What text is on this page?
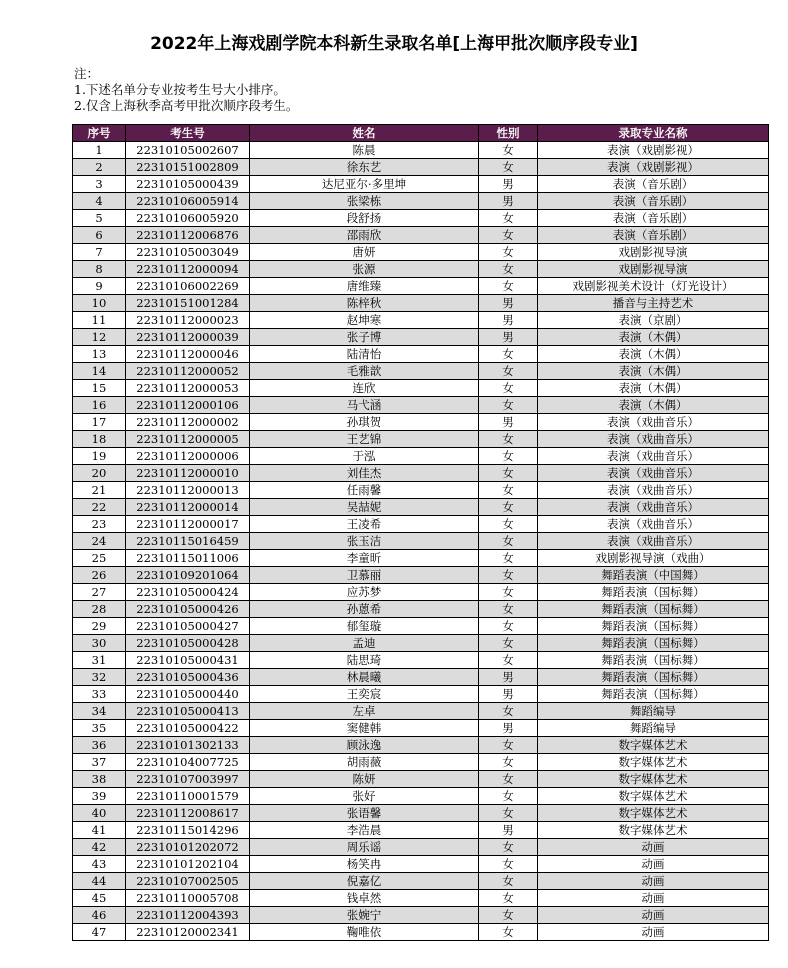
2022年上海戏剧学院本科新生录取名单[上海甲批次顺序段专业]
注：
1.下述名单分专业按考生号大小排序。
2.仅含上海秋季高考甲批次顺序段考生。
序号	考生号	姓名	性别	录取专业名称
1	22310105002607	陈晨	女	表演（戏剧影视）
2	22310151002809	徐东艺	女	表演（戏剧影视）
3	22310105000439	达尼亚尔·多里坤	男	表演（音乐剧）
4	22310106005914	张梁栋	男	表演（音乐剧）
5	22310106005920	段舒扬	女	表演（音乐剧）
6	22310112006876	邵雨欣	女	表演（音乐剧）
7	22310105003049	唐妍	女	戏剧影视导演
8	22310112000094	张源	女	戏剧影视导演
9	22310106002269	唐维臻	女	戏剧影视美术设计（灯光设计）
10	22310151001284	陈梓秋	男	播音与主持艺术
11	22310112000023	赵坤寒	男	表演（京剧）
12	22310112000039	张子博	男	表演（木偶）
13	22310112000046	陆清怡	女	表演（木偶）
14	22310112000052	毛雅歆	女	表演（木偶）
15	22310112000053	连欣	女	表演（木偶）
16	22310112000106	马弋涵	女	表演（木偶）
17	22310112000002	孙琪贺	男	表演（戏曲音乐）
18	22310112000005	王艺锦	女	表演（戏曲音乐）
19	22310112000006	于泓	女	表演（戏曲音乐）
20	22310112000010	刘佳杰	女	表演（戏曲音乐）
21	22310112000013	任雨馨	女	表演（戏曲音乐）
22	22310112000014	吴喆妮	女	表演（戏曲音乐）
23	22310112000017	王凌希	女	表演（戏曲音乐）
24	22310115016459	张玉洁	女	表演（戏曲音乐）
25	22310115011006	李童昕	女	戏剧影视导演（戏曲）
26	22310109201064	卫慕丽	女	舞蹈表演（中国舞）
27	22310105000424	应苏梦	女	舞蹈表演（国标舞）
28	22310105000426	孙蒽希	女	舞蹈表演（国标舞）
29	22310105000427	郁玺璇	女	舞蹈表演（国标舞）
30	22310105000428	孟迪	女	舞蹈表演（国标舞）
31	22310105000431	陆思琦	女	舞蹈表演（国标舞）
32	22310105000436	林晨曦	男	舞蹈表演（国标舞）
33	22310105000440	王奕宸	男	舞蹈表演（国标舞）
34	22310105000413	左卓	女	舞蹈编导
35	22310105000422	窦健韩	男	舞蹈编导
36	22310101302133	顾泳逸	女	数字媒体艺术
37	22310104007725	胡雨薇	女	数字媒体艺术
38	22310107003997	陈妍	女	数字媒体艺术
39	22310110001579	张好	女	数字媒体艺术
40	22310112008617	张语馨	女	数字媒体艺术
41	22310115014296	李浩晨	男	数字媒体艺术
42	22310101202072	周乐谣	女	动画
43	22310101202104	杨笑冉	女	动画
44	22310107002505	倪嘉亿	女	动画
45	22310110005708	钱卓然	女	动画
46	22310112004393	张婉宁	女	动画
47	22310120002341	鞠唯依	女	动画
